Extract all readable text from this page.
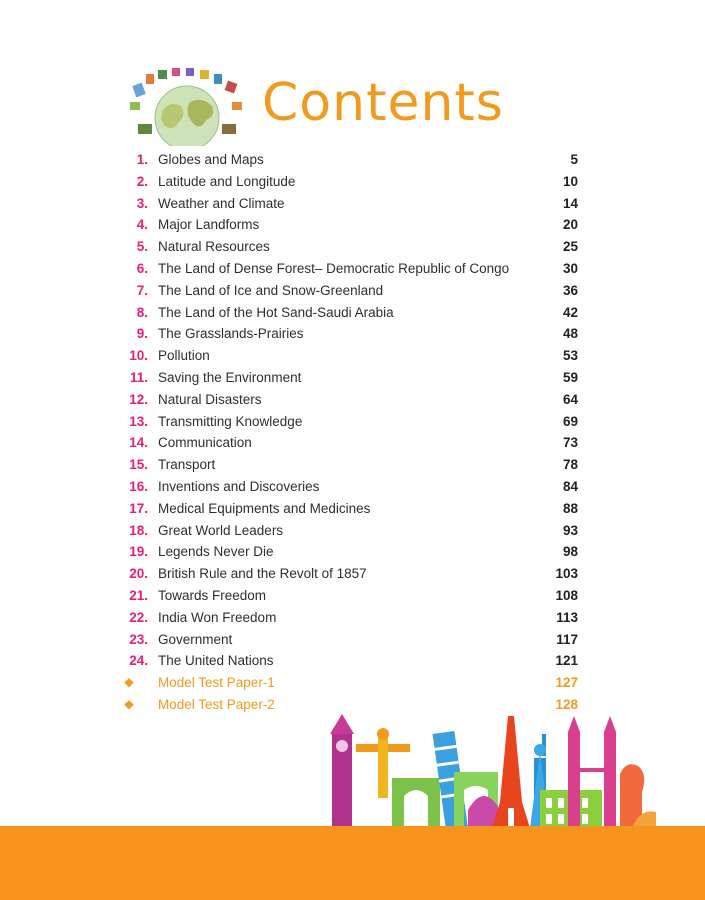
Contents
1. Globes and Maps	5
2. Latitude and Longitude	10
3. Weather and Climate	14
4. Major Landforms	20
5. Natural Resources	25
6. The Land of Dense Forest– Democratic Republic of Congo	30
7. The Land of Ice and Snow-Greenland	36
8. The Land of the Hot Sand-Saudi Arabia	42
9. The Grasslands-Prairies	48
10. Pollution	53
11. Saving the Environment	59
12. Natural Disasters	64
13. Transmitting Knowledge	69
14. Communication	73
15. Transport	78
16. Inventions and Discoveries	84
17. Medical Equipments and Medicines	88
18. Great World Leaders	93
19. Legends Never Die	98
20. British Rule and the Revolt of 1857	103
21. Towards Freedom	108
22. India Won Freedom	113
23. Government	117
24. The United Nations	121
❖ Model Test Paper-1	127
❖ Model Test Paper-2	128
